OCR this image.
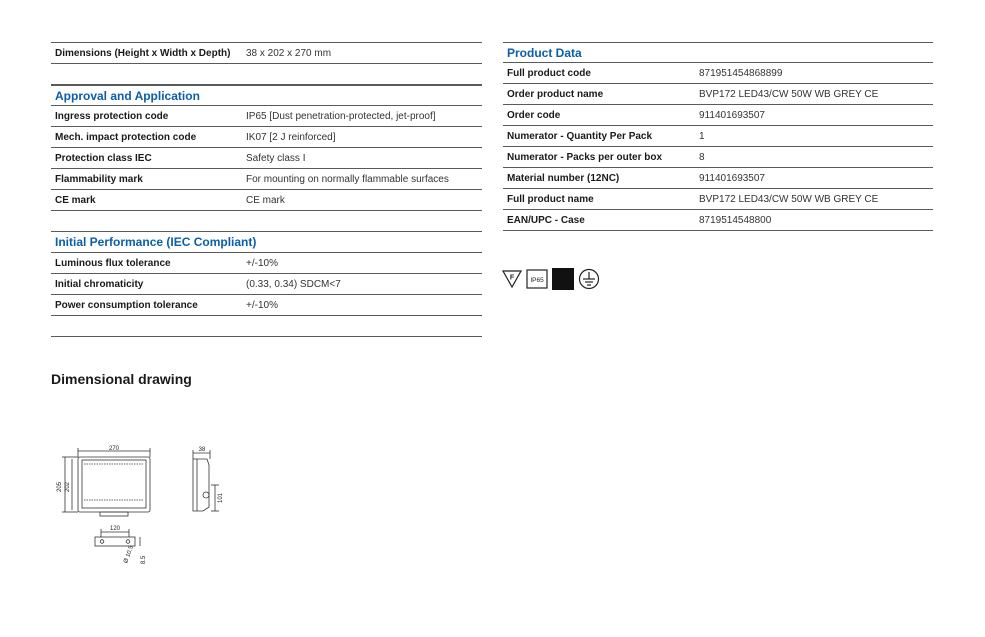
Dimensions (Height x Width x Depth)	38 x 202 x 270 mm
Approval and Application
Ingress protection code	IP65 [Dust penetration-protected, jet-proof]
Mech. impact protection code	IK07 [2 J reinforced]
Protection class IEC	Safety class I
Flammability mark	For mounting on normally flammable surfaces
CE mark	CE mark
Initial Performance (IEC Compliant)
Luminous flux tolerance	+/-10%
Initial chromaticity	(0.33, 0.34) SDCM<7
Power consumption tolerance	+/-10%
Product Data
Full product code	871951454868899
Order product name	BVP172 LED43/CW 50W WB GREY CE
Order code	911401693507
Numerator - Quantity Per Pack	1
Numerator - Packs per outer box	8
Material number (12NC)	911401693507
Full product name	BVP172 LED43/CW 50W WB GREY CE
EAN/UPC - Case	8719514548800
F IP65
Dimensional drawing
270
205 202
38
101
120
Ø 10.5 8.5
